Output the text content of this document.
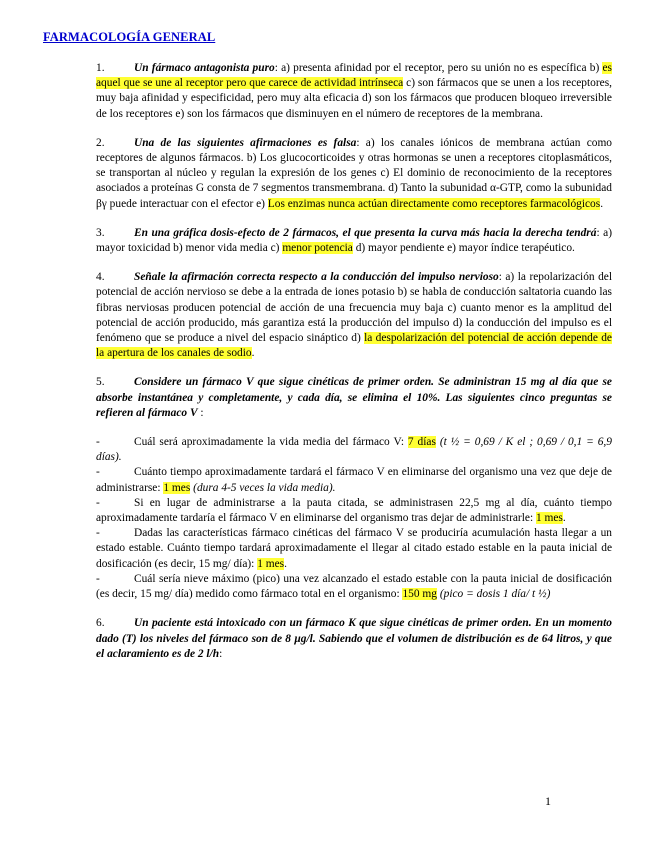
FARMACOLOGÍA GENERAL

1.	Un fármaco antagonista puro: a) presenta afinidad por el receptor, pero su unión no es específica b) es aquel que se une al receptor pero que carece de actividad intrínseca c) son fármacos que se unen a los receptores, muy baja afinidad y especificidad, pero muy alta eficacia d) son los fármacos que producen bloqueo irreversible de los receptores e) son los fármacos que disminuyen en el número de receptores de la membrana.

2.	Una de las siguientes afirmaciones es falsa: a) los canales iónicos de membrana actúan como receptores de algunos fármacos. b) Los glucocorticoides y otras hormonas se unen a receptores citoplasmáticos, se transportan al núcleo y regulan la expresión de los genes c) El dominio de reconocimiento de la receptores asociados a proteínas G consta de 7 segmentos transmembrana. d) Tanto la subunidad α-GTP, como la subunidad βγ puede interactuar con el efector e) Los enzimas nunca actúan directamente como receptores farmacológicos.

3.	En una gráfica dosis-efecto de 2 fármacos, el que presenta la curva más hacia la derecha tendrá: a) mayor toxicidad b) menor vida media c) menor potencia d) mayor pendiente e) mayor índice terapéutico.

4.	Señale la afirmación correcta respecto a la conducción del impulso nervioso: a) la repolarización del potencial de acción nervioso se debe a la entrada de iones potasio b) se habla de conducción saltatoria cuando las fibras nerviosas producen potencial de acción de una frecuencia muy baja c) cuanto menor es la amplitud del potencial de acción producido, más garantiza está la producción del impulso d) la conducción del impulso es el fenómeno que se produce a nivel del espacio sináptico d) la despolarización del potencial de acción depende de la apertura de los canales de sodio.

5.	Considere un fármaco V que sigue cinéticas de primer orden. Se administran 15 mg al día que se absorbe instantánea y completamente, y cada día, se elimina el 10%. Las siguientes cinco preguntas se refieren al fármaco V :

-	Cuál será aproximadamente la vida media del fármaco V: 7 días (t ½ = 0,69 / K el ; 0,69 / 0,1 = 6,9 días).

-	Cuánto tiempo aproximadamente tardará el fármaco V en eliminarse del organismo una vez que deje de administrarse: 1 mes (dura 4-5 veces la vida media).

-	Si en lugar de administrarse a la pauta citada, se administrasen 22,5 mg al día, cuánto tiempo aproximadamente tardaría el fármaco V en eliminarse del organismo tras dejar de administrarle: 1 mes.

-	Dadas las características fármaco cinéticas del fármaco V se produciría acumulación hasta llegar a un estado estable. Cuánto tiempo tardará aproximadamente el llegar al citado estado estable en la pauta inicial de dosificación (es decir, 15 mg/ día): 1 mes.

-	Cuál sería nieve máximo (pico) una vez alcanzado el estado estable con la pauta inicial de dosificación (es decir, 15 mg/ día) medido como fármaco total en el organismo: 150 mg (pico = dosis 1 día/ t ½)

6.	Un paciente está intoxicado con un fármaco K que sigue cinéticas de primer orden. En un momento dado (T) los niveles del fármaco son de 8 µg/l. Sabiendo que el volumen de distribución es de 64 litros, y que el aclaramiento es de 2 l/h:

1
